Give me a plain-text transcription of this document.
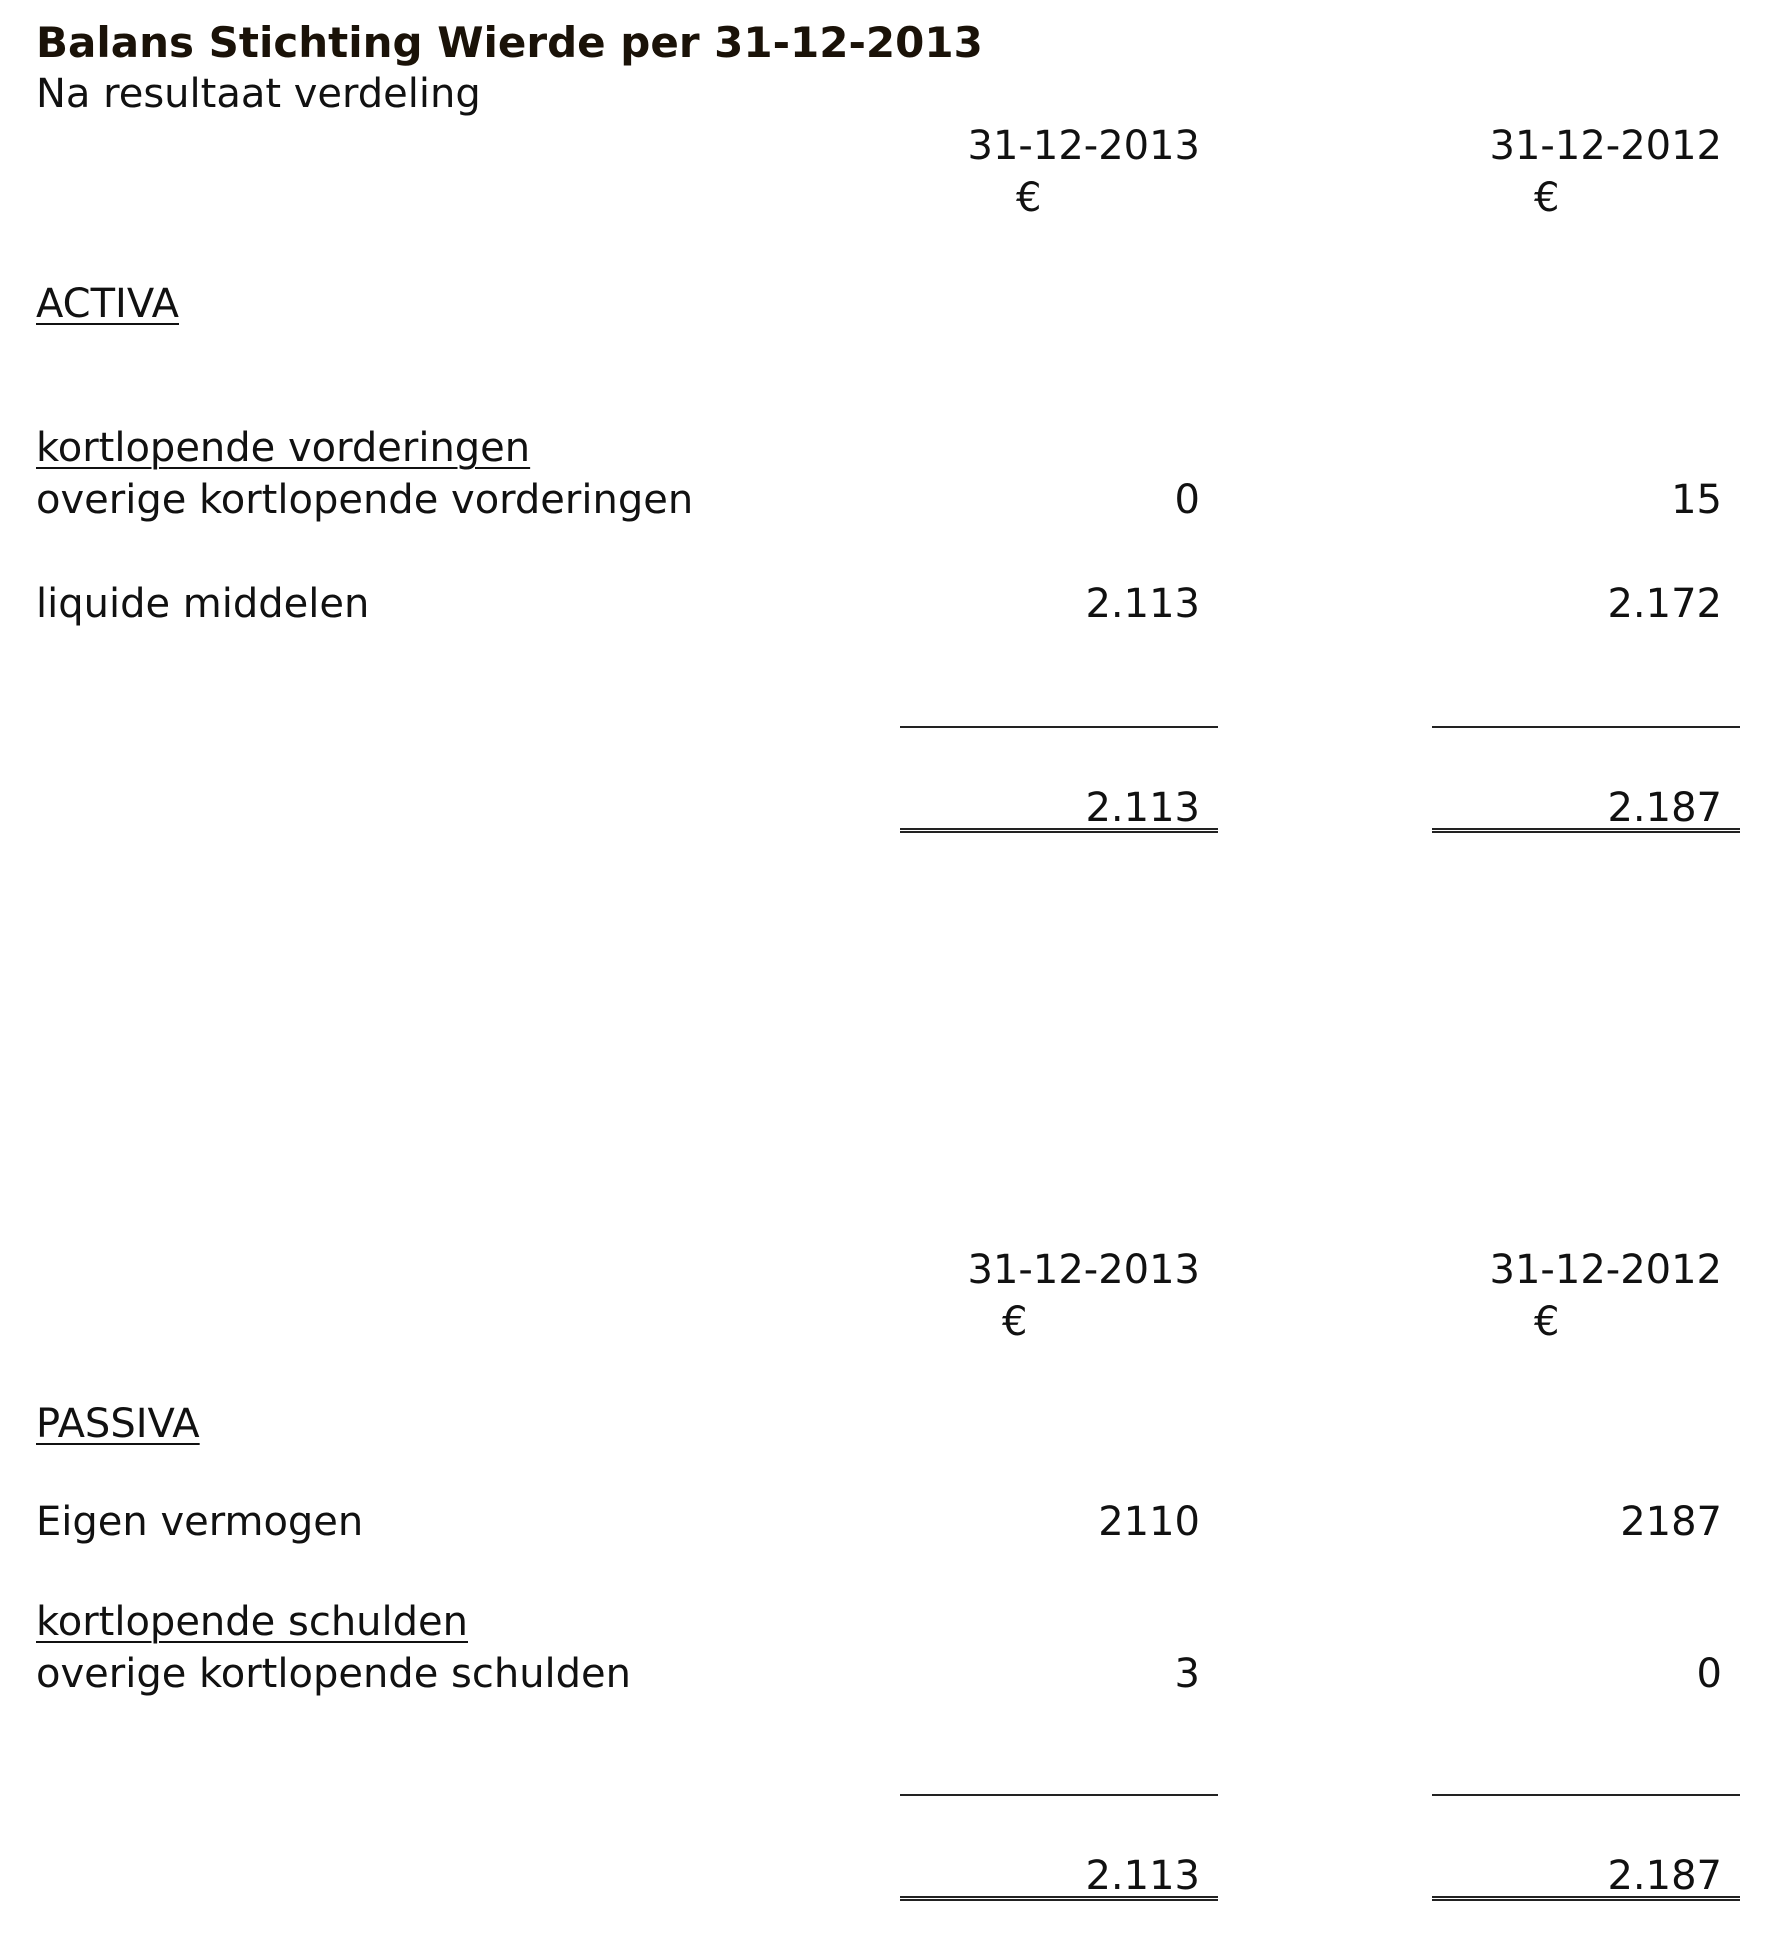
Balans Stichting Wierde per 31-12-2013
Na resultaat verdeling
31-12-2013
€
31-12-2012
€
ACTIVA
kortlopende vorderingen
overige kortlopende vorderingen	0	15
liquide middelen	2.113	2.172
2.113	2.187
31-12-2013
€
31-12-2012
€
PASSIVA
Eigen vermogen	2110	2187
kortlopende schulden
overige kortlopende schulden	3	0
2.113	2.187
